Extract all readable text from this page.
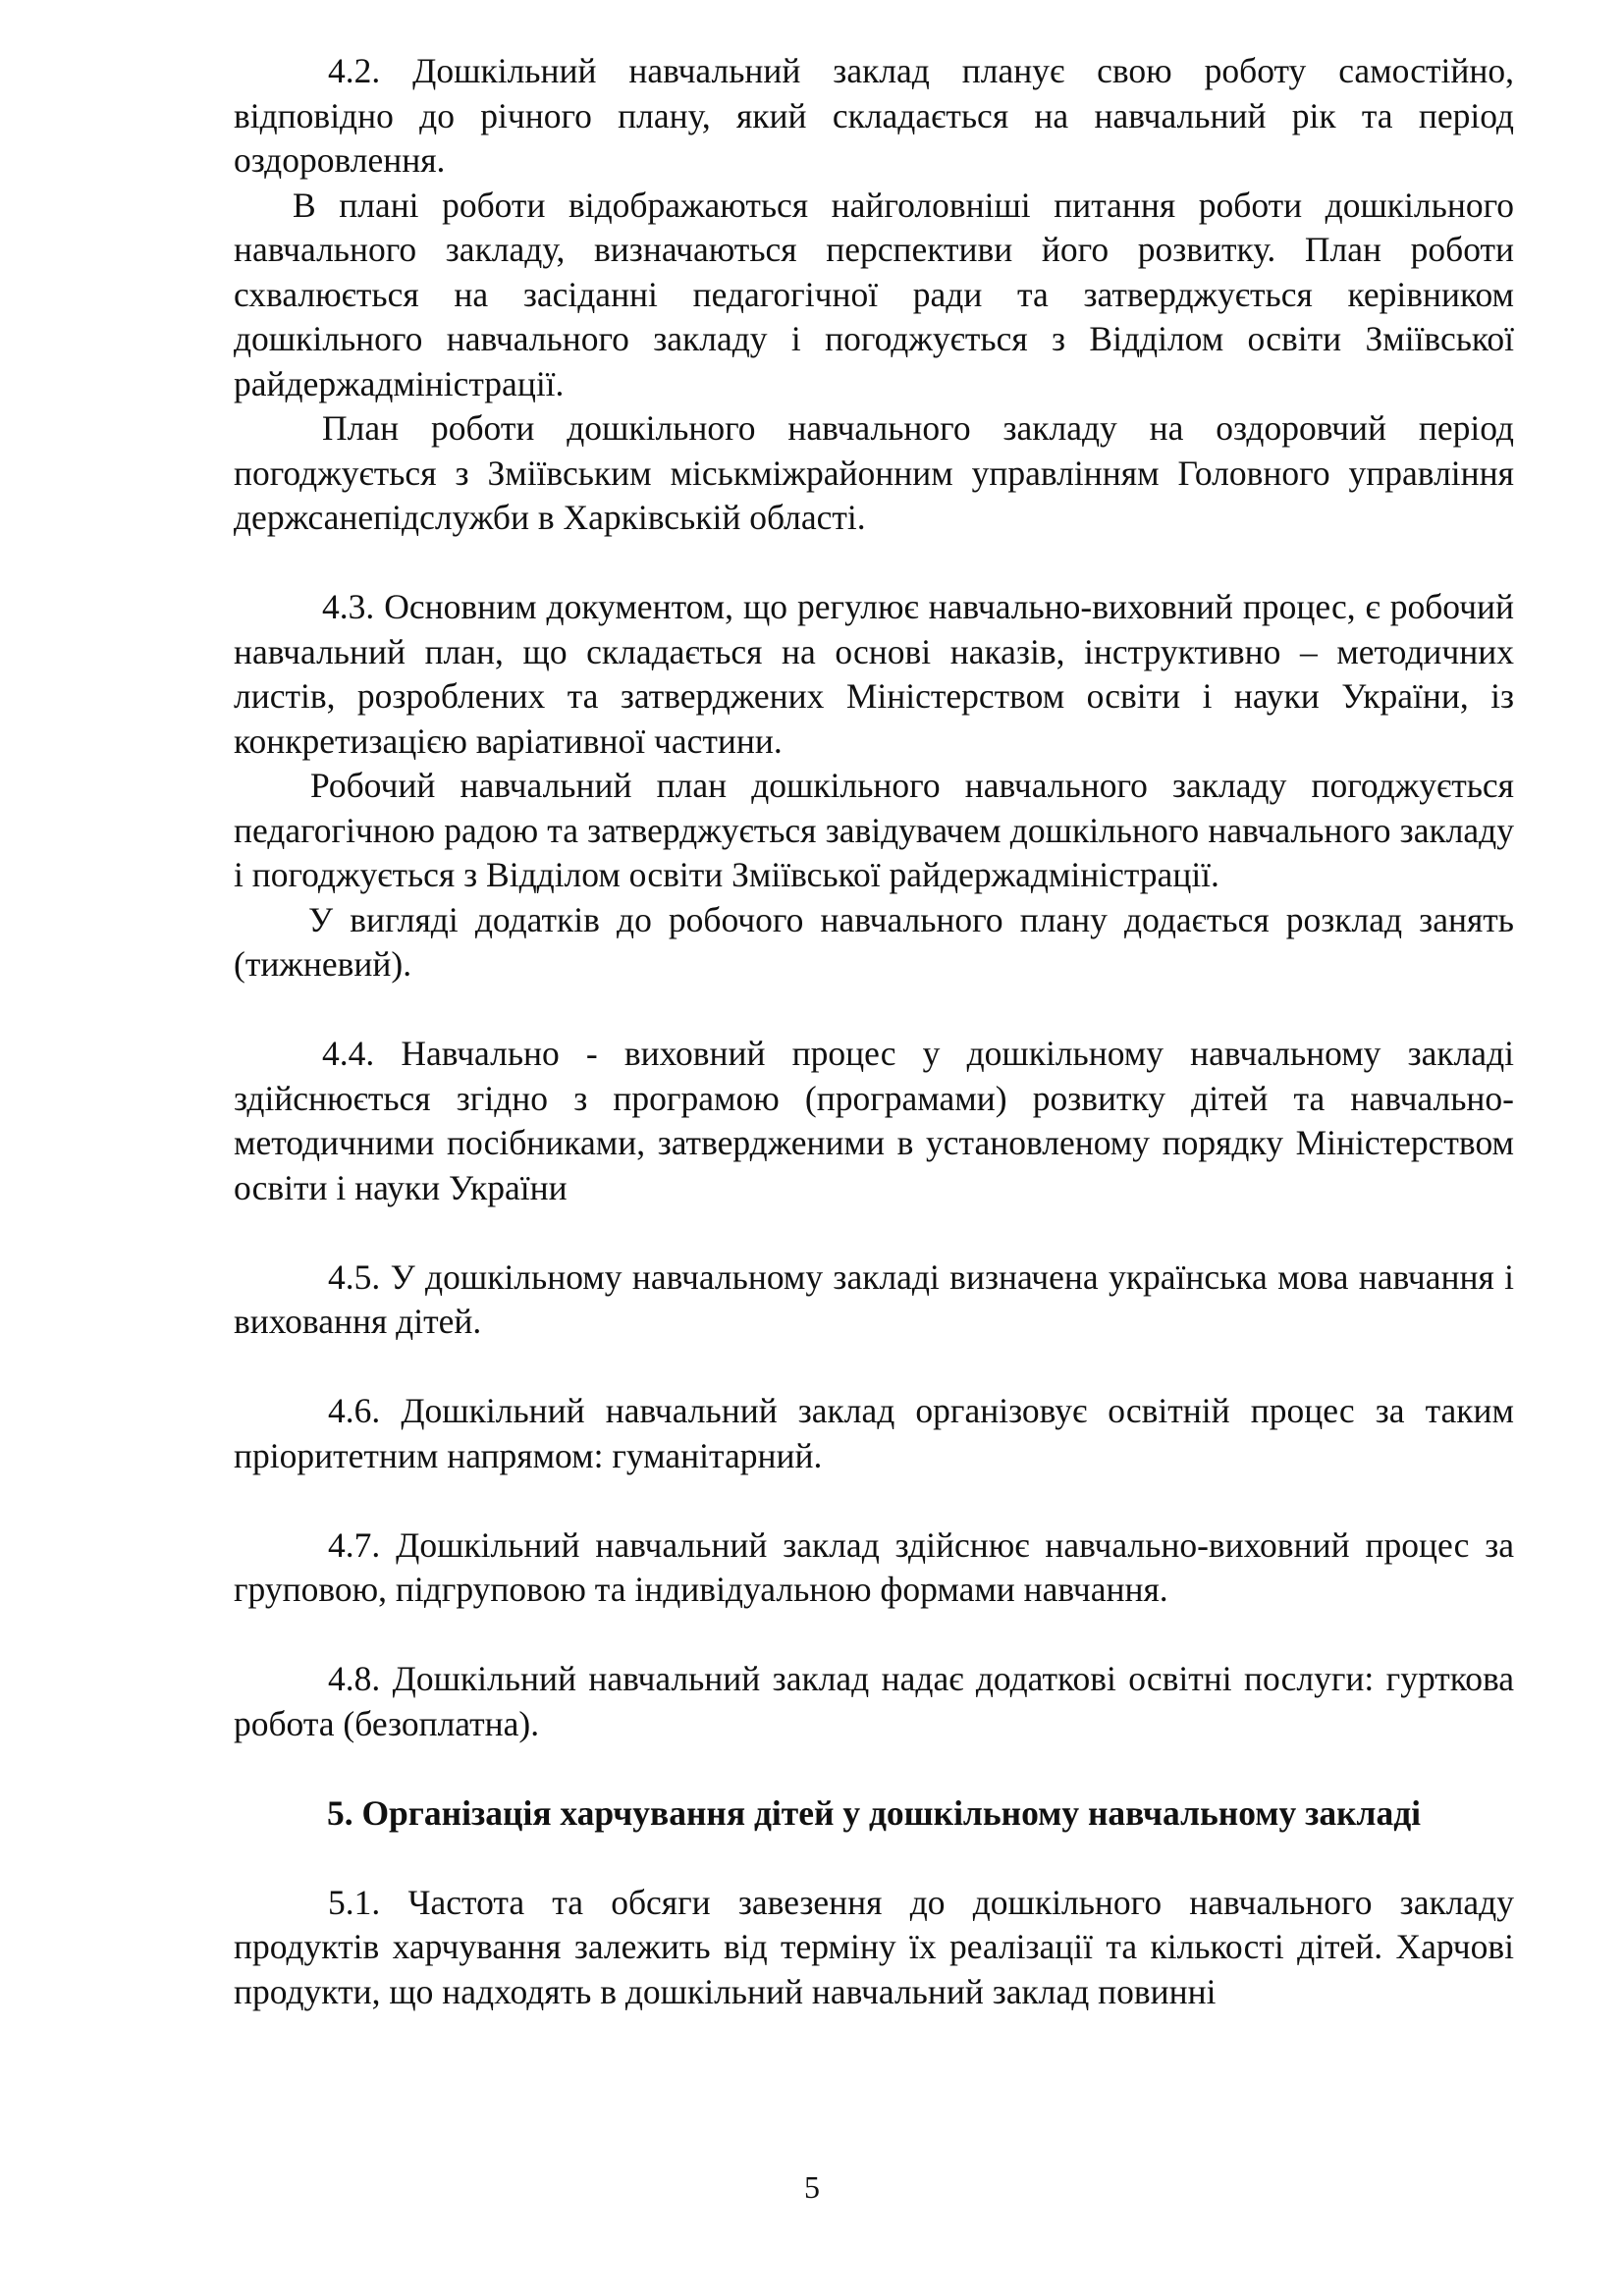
4.2. Дошкільний навчальний заклад планує свою роботу самостійно, відповідно до річного плану, який складається на навчальний рік та період оздоровлення.

В плані роботи відображаються найголовніші питання роботи дошкільного навчального закладу, визначаються перспективи його розвитку. План роботи схвалюється на засіданні педагогічної ради та затверджується керівником дошкільного навчального закладу і погоджується з Відділом освіти Зміївської райдержадміністрації.

План роботи дошкільного навчального закладу на оздоровчий період погоджується з Зміївським міськміжрайонним управлінням Головного управління держсанепідслужби в Харківській області.

4.3. Основним документом, що регулює навчально-виховний процес, є робочий навчальний план, що складається на основі наказів, інструктивно – методичних листів, розроблених та затверджених Міністерством освіти і науки України, із конкретизацією варіативної частини.

Робочий навчальний план дошкільного навчального закладу погоджується педагогічною радою та затверджується завідувачем дошкільного навчального закладу і погоджується з Відділом освіти Зміївської райдержадміністрації.

У вигляді додатків до робочого навчального плану додається розклад занять (тижневий).

4.4. Навчально - виховний процес у дошкільному навчальному закладі здійснюється згідно з програмою (програмами) розвитку дітей та навчально-методичними посібниками, затвердженими в установленому порядку Міністерством освіти і науки України

4.5. У дошкільному навчальному закладі визначена українська мова навчання і виховання дітей.

4.6. Дошкільний навчальний заклад організовує освітній процес за таким пріоритетним напрямом: гуманітарний.

4.7. Дошкільний навчальний заклад здійснює навчально-виховний процес за груповою, підгруповою та індивідуальною формами навчання.

4.8. Дошкільний навчальний заклад надає додаткові освітні послуги: гурткова робота (безоплатна).

5. Організація харчування дітей у дошкільному навчальному закладі

5.1. Частота та обсяги завезення до дошкільного навчального закладу продуктів харчування залежить від терміну їх реалізації та кількості дітей. Харчові продукти, що надходять в дошкільний навчальний заклад повинні

5
